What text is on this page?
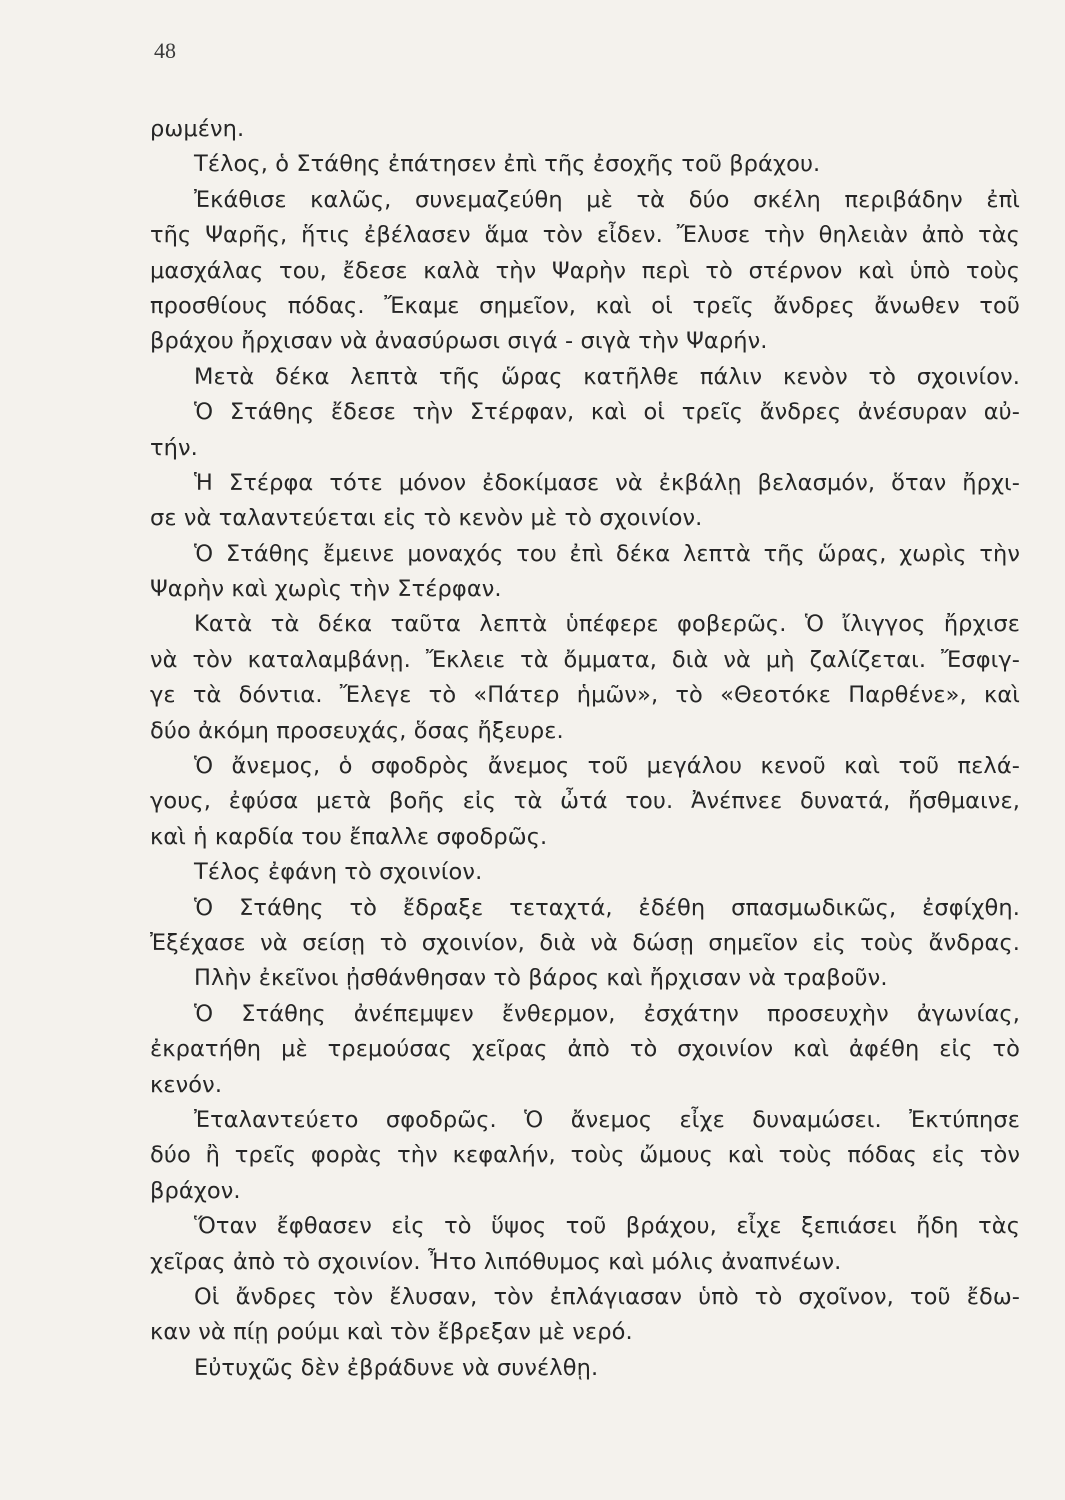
48
ρωμένη.
Τέλος, ὁ Στάθης ἐπάτησεν ἐπὶ τῆς ἐσοχῆς τοῦ βράχου.
Ἐκάθισε καλῶς, συνεμαζεύθη μὲ τὰ δύο σκέλη περιβάδην ἐπὶ
τῆς Ψαρῆς, ἥτις ἐβέλασεν ἅμα τὸν εἶδεν. Ἔλυσε τὴν θηλειὰν ἀπὸ τὰς
μασχάλας του, ἔδεσε καλὰ τὴν Ψαρὴν περὶ τὸ στέρνον καὶ ὑπὸ τοὺς
προσθίους πόδας. Ἔκαμε σημεῖον, καὶ οἱ τρεῖς ἄνδρες ἄνωθεν τοῦ
βράχου ἤρχισαν νὰ ἀνασύρωσι σιγά - σιγὰ τὴν Ψαρήν.
Μετὰ δέκα λεπτὰ τῆς ὥρας κατῆλθε πάλιν κενὸν τὸ σχοινίον.
Ὁ Στάθης ἔδεσε τὴν Στέρφαν, καὶ οἱ τρεῖς ἄνδρες ἀνέσυραν αὐ-
τήν.
Ἡ Στέρφα τότε μόνον ἐδοκίμασε νὰ ἐκβάλῃ βελασμόν, ὅταν ἤρχι-
σε νὰ ταλαντεύεται εἰς τὸ κενὸν μὲ τὸ σχοινίον.
Ὁ Στάθης ἔμεινε μοναχός του ἐπὶ δέκα λεπτὰ τῆς ὥρας, χωρὶς τὴν
Ψαρὴν καὶ χωρὶς τὴν Στέρφαν.
Κατὰ τὰ δέκα ταῦτα λεπτὰ ὑπέφερε φοβερῶς. Ὁ ἴλιγγος ἤρχισε
νὰ τὸν καταλαμβάνῃ. Ἔκλειε τὰ ὄμματα, διὰ νὰ μὴ ζαλίζεται. Ἔσφιγ-
γε τὰ δόντια. Ἔλεγε τὸ «Πάτερ ἡμῶν», τὸ «Θεοτόκε Παρθένε», καὶ
δύο ἀκόμη προσευχάς, ὅσας ἤξευρε.
Ὁ ἄνεμος, ὁ σφοδρὸς ἄνεμος τοῦ μεγάλου κενοῦ καὶ τοῦ πελά-
γους, ἐφύσα μετὰ βοῆς εἰς τὰ ὦτά του. Ἀνέπνεε δυνατά, ἤσθμαινε,
καὶ ἡ καρδία του ἔπαλλε σφοδρῶς.
Τέλος ἐφάνη τὸ σχοινίον.
Ὁ Στάθης τὸ ἔδραξε τεταχτά, ἐδέθη σπασμωδικῶς, ἐσφίχθη.
Ἐξέχασε νὰ σείσῃ τὸ σχοινίον, διὰ νὰ δώσῃ σημεῖον εἰς τοὺς ἄνδρας.
Πλὴν ἐκεῖνοι ᾐσθάνθησαν τὸ βάρος καὶ ἤρχισαν νὰ τραβοῦν.
Ὁ Στάθης ἀνέπεμψεν ἔνθερμον, ἐσχάτην προσευχὴν ἀγωνίας,
ἐκρατήθη μὲ τρεμούσας χεῖρας ἀπὸ τὸ σχοινίον καὶ ἀφέθη εἰς τὸ
κενόν.
Ἐταλαντεύετο σφοδρῶς. Ὁ ἄνεμος εἶχε δυναμώσει. Ἐκτύπησε
δύο ἢ τρεῖς φορὰς τὴν κεφαλήν, τοὺς ὤμους καὶ τοὺς πόδας εἰς τὸν
βράχον.
Ὅταν ἔφθασεν εἰς τὸ ὕψος τοῦ βράχου, εἶχε ξεπιάσει ἤδη τὰς
χεῖρας ἀπὸ τὸ σχοινίον. Ἦτο λιπόθυμος καὶ μόλις ἀναπνέων.
Οἱ ἄνδρες τὸν ἔλυσαν, τὸν ἐπλάγιασαν ὑπὸ τὸ σχοῖνον, τοῦ ἔδω-
καν νὰ πίῃ ρούμι καὶ τὸν ἔβρεξαν μὲ νερό.
Εὐτυχῶς δὲν ἐβράδυνε νὰ συνέλθῃ.
